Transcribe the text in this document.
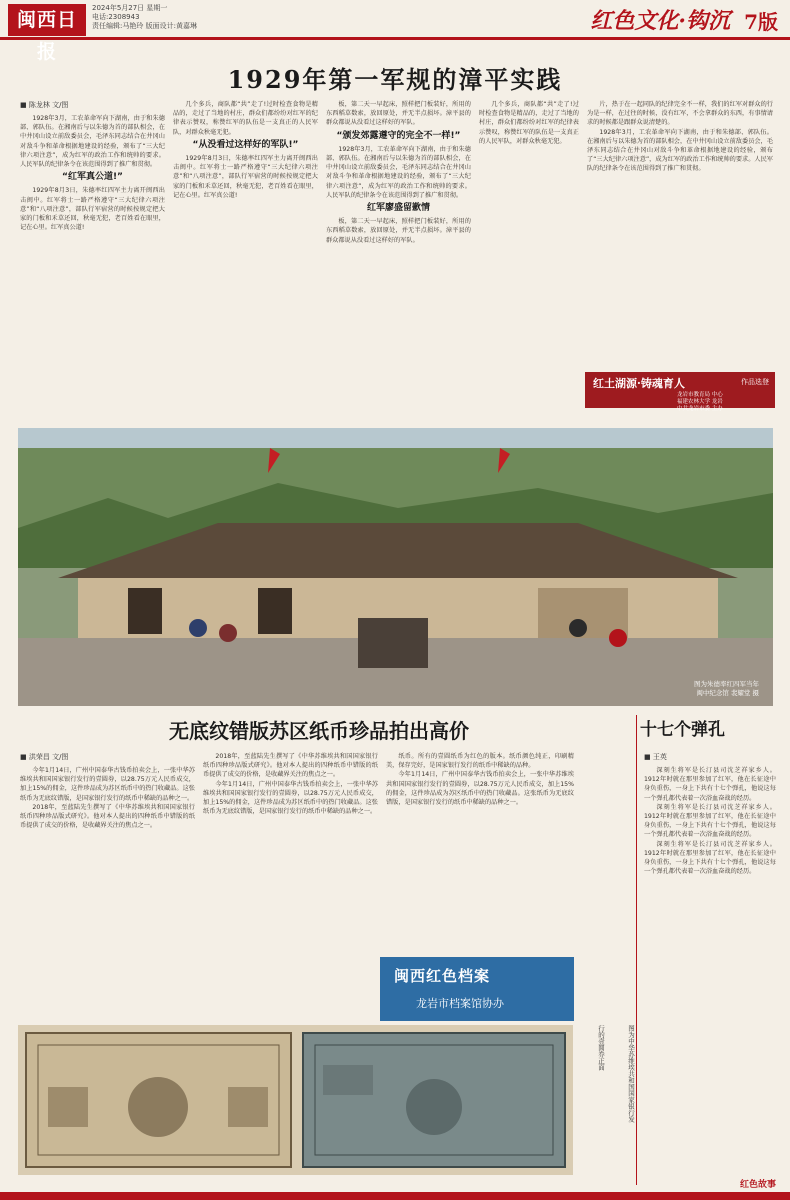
闽西日报
2024年5月27日 星期一
电话:2308943
责任编辑:马艳玲 版面设计:黄嘉琳	红色文化·钩沉 7版
1929年第一军规的漳平实践
■ 陈龙林 文/图

1928年3月，工农革命军向下湖南，由于和朱德部、郭队伍。在湘南后与以朱德为首的部队相会，在中井冈山设立前敌委员会，毛泽东同志结合在井冈山对敌斗争和革命根据地建设的经验，颁布了“三大纪律六项注意”，成为红军的政治工作和统帅的要求。人民军队的纪律条令在该范围得到了推广和贯彻。

“红军真公道!”

1929年8月3日，朱德率红四军主力离开闽西出击闽中。红军将士一路严格遵守“三大纪律六项注意”和“八项注意”，部队行军宿营的时候按规定把大家的门板和禾草还回，秋毫无犯，老百姓看在眼里，记在心里。红军真公道!

几个多兵，商队都“共”走了!过时检查食物是精品的，走过了当地的村庄，群众们都纷纷对红军的纪律表示赞叹，称赞红军的队伍是一支真正的人民军队，对群众秋毫无犯。

“从没看过这样好的军队!”

1929年8月3日，朱德率红四军主力离开闽西出击闽中。红军将士一路严格遵守“三大纪律六项注意”和“八项注意”，部队行军宿营的时候按规定把大家的门板和禾草还回，秋毫无犯，老百姓看在眼里，记在心里。红军真公道!

板，第二天一早起床，照样把门板装好，所用的东西稻草数索，放回原处，并无半点损坏。漳平县的群众都说从没看过这样好的军队。

“颁发郊露遵守的完全不一样!”

1928年3月，工农革命军向下湖南，由于和朱德部、郭队伍。在湘南后与以朱德为首的部队相会，在中井冈山设立前敌委员会，毛泽东同志结合在井冈山对敌斗争和革命根据地建设的经验，颁布了“三大纪律六项注意”，成为红军的政治工作和统帅的要求。人民军队的纪律条令在该范围得到了推广和贯彻。

红军廖盛留歉情

板，第二天一早起床，照样把门板装好，所用的东西稻草数索，放回原处，并无半点损坏。漳平县的群众都说从没看过这样好的军队。

几个多兵，商队都“共”走了!过时检查食物是精品的，走过了当地的村庄，群众们都纷纷对红军的纪律表示赞叹，称赞红军的队伍是一支真正的人民军队，对群众秋毫无犯。

片，热于在一起同队的纪律完全不一样，我们的红军对群众的行为是一样，在过往的时候，没有红军，不会拿群众的东西，有事情请求的时候都是跟群众说清楚的。

1928年3月，工农革命军向下湖南，由于和朱德部、郭队伍。在湘南后与以朱德为首的部队相会，在中井冈山设立前敌委员会，毛泽东同志结合在井冈山对敌斗争和革命根据地建设的经验，颁布了“三大纪律六项注意”，成为红军的政治工作和统帅的要求。人民军队的纪律条令在该范围得到了推广和贯彻。

红土湖源·铸魂育人	作品选登
龙岩市教育局 中心
福建农林大学 龙岩
中共龙岩市委 主办
图为朱德率红四军当年
闽中纪念馆 裴耀堂 摄
无底纹错版苏区纸币珍品拍出高价
■ 洪荣昌 文/图

今年1月14日，广州中国泰华古钱币拍卖会上，一张中华苏维埃共和国国家银行发行的壹圆券，以28.75万元人民币成交，加上15%的佣金，这件珍品成为苏区纸币中的热门收藏品。这张纸币为无底纹错版，是国家银行发行的纸币中稀缺的品种之一。

2018年，至蓝陆先生撰写了《中华苏维埃共和国国家银行纸币四种珍品版式研究》。他对本人提出的四种纸币中错版的纸币提供了成交的价格，是收藏界关注的焦点之一。

2018年，至蓝陆先生撰写了《中华苏维埃共和国国家银行纸币四种珍品版式研究》。他对本人提出的四种纸币中错版的纸币提供了成交的价格，是收藏界关注的焦点之一。

今年1月14日，广州中国泰华古钱币拍卖会上，一张中华苏维埃共和国国家银行发行的壹圆券，以28.75万元人民币成交，加上15%的佣金，这件珍品成为苏区纸币中的热门收藏品。这张纸币为无底纹错版，是国家银行发行的纸币中稀缺的品种之一。

纸币。所有的壹圆纸币为红色的版本。纸币颜色纯正，印刷精美，保存完好，是国家银行发行的纸币中稀缺的品种。

今年1月14日，广州中国泰华古钱币拍卖会上，一张中华苏维埃共和国国家银行发行的壹圆券，以28.75万元人民币成交，加上15%的佣金，这件珍品成为苏区纸币中的热门收藏品。这张纸币为无底纹错版，是国家银行发行的纸币中稀缺的品种之一。

闽西红色档案
龙岩市档案馆协办
行的壹圆券正面	图为中华苏维埃共和国国家银行发
十七个弹孔
■ 王英

深刻生将军是长汀县司沈芝祥家乡人。1912年时就在那里参加了红军，他在长征途中身负重伤，一身上下共有十七个弹孔，他说这每一个弹孔都代表着一次浴血奋战的经历。

深刻生将军是长汀县司沈芝祥家乡人。1912年时就在那里参加了红军，他在长征途中身负重伤，一身上下共有十七个弹孔，他说这每一个弹孔都代表着一次浴血奋战的经历。

深刻生将军是长汀县司沈芝祥家乡人。1912年时就在那里参加了红军，他在长征途中身负重伤，一身上下共有十七个弹孔，他说这每一个弹孔都代表着一次浴血奋战的经历。

红色故事
